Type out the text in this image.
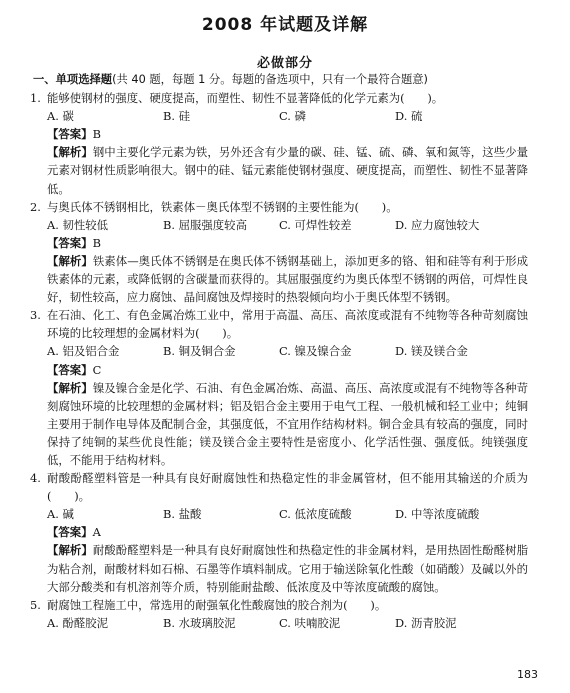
2008 年试题及详解
必做部分
一、单项选择题(共 40 题，每题 1 分。每题的备选项中，只有一个最符合题意)
1. 能够使钢材的强度、硬度提高，而塑性、韧性不显著降低的化学元素为(　　)。
A. 碳	B. 硅	C. 磷	D. 硫
【答案】B
【解析】钢中主要化学元素为铁，另外还含有少量的碳、硅、锰、硫、磷、氧和氮等，这些少量元素对钢材性质影响很大。钢中的硅、锰元素能使钢材强度、硬度提高，而塑性、韧性不显著降低。
2. 与奥氏体不锈钢相比，铁素体－奥氏体型不锈钢的主要性能为(　　)。
A. 韧性较低	B. 屈服强度较高	C. 可焊性较差	D. 应力腐蚀较大
【答案】B
【解析】铁素体—奥氏体不锈钢是在奥氏体不锈钢基础上，添加更多的铬、钼和硅等有利于形成铁素体的元素，或降低钢的含碳量而获得的。其屈服强度约为奥氏体型不锈钢的两倍，可焊性良好，韧性较高，应力腐蚀、晶间腐蚀及焊接时的热裂倾向均小于奥氏体型不锈钢。
3. 在石油、化工、有色金属冶炼工业中，常用于高温、高压、高浓度或混有不纯物等各种苛刻腐蚀环境的比较理想的金属材料为(　　)。
A. 铝及铝合金	B. 铜及铜合金	C. 镍及镍合金	D. 镁及镁合金
【答案】C
【解析】镍及镍合金是化学、石油、有色金属冶炼、高温、高压、高浓度或混有不纯物等各种苛刻腐蚀环境的比较理想的金属材料；铝及铝合金主要用于电气工程、一般机械和轻工业中；纯铜主要用于制作电导体及配制合金，其强度低，不宜用作结构材料。铜合金具有较高的强度，同时保持了纯铜的某些优良性能；镁及镁合金主要特性是密度小、化学活性强、强度低。纯镁强度低，不能用于结构材料。
4. 耐酸酚醛塑料管是一种具有良好耐腐蚀性和热稳定性的非金属管材，但不能用其输送的介质为(　　)。
A. 碱	B. 盐酸	C. 低浓度硫酸	D. 中等浓度硫酸
【答案】A
【解析】耐酸酚醛塑料是一种具有良好耐腐蚀性和热稳定性的非金属材料，是用热固性酚醛树脂为粘合剂，耐酸材料如石棉、石墨等作填料制成。它用于输送除氧化性酸（如硝酸）及碱以外的大部分酸类和有机溶剂等介质，特别能耐盐酸、低浓度及中等浓度硫酸的腐蚀。
5. 耐腐蚀工程施工中，常选用的耐强氧化性酸腐蚀的胶合剂为(　　)。
A. 酚醛胶泥	B. 水玻璃胶泥	C. 呋喃胶泥	D. 沥青胶泥
183
